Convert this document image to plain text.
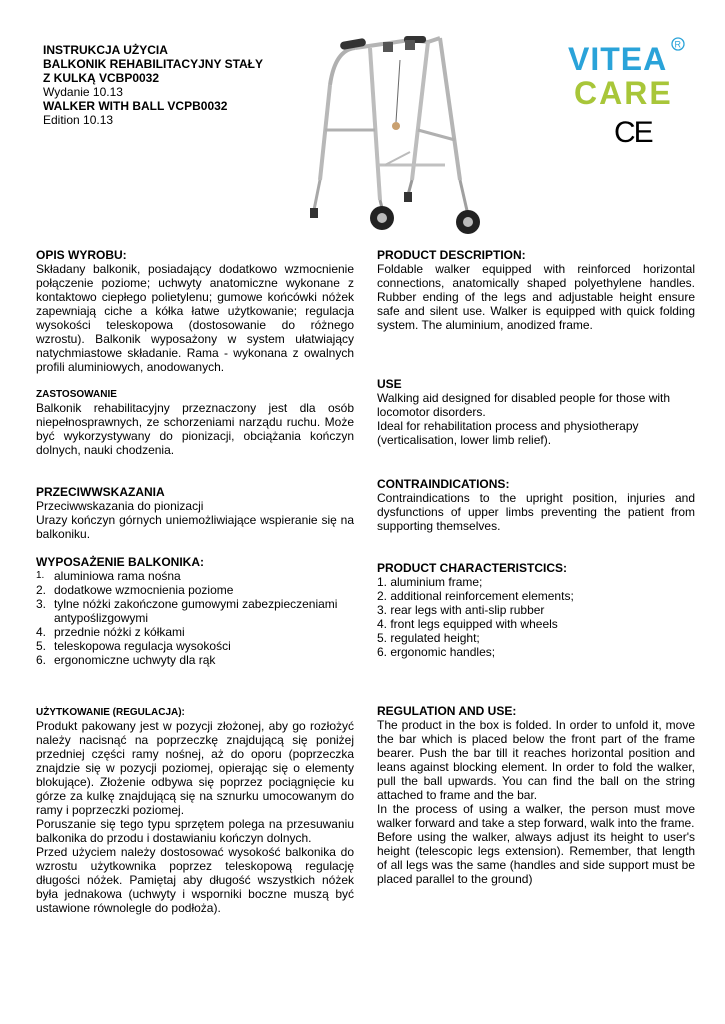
INSTRUKCJA UŻYCIA
BALKONIK REHABILITACYJNY STAŁY
Z KULKĄ VCBP0032
Wydanie 10.13
WALKER WITH BALL VCPB0032
Edition 10.13
VITEA
CARE
R
CE
OPIS WYROBU:

Składany balkonik, posiadający dodatkowo wzmocnienie połączenie poziome; uchwyty anatomiczne wykonane z kontaktowo ciepłego polietylenu; gumowe końcówki nóżek zapewniają ciche a kółka łatwe użytkowanie; regulacja wysokości teleskopowa (dostosowanie do różnego wzrostu). Balkonik wyposażony w system ułatwiający natychmiastowe składanie. Rama - wykonana z owalnych profili aluminiowych, anodowanych.

ZASTOSOWANIE

Balkonik rehabilitacyjny przeznaczony jest dla osób niepełnosprawnych, ze schorzeniami narządu ruchu. Może być wykorzystywany do pionizacji, obciążania kończyn dolnych, nauki chodzenia.

PRZECIWWSKAZANIA

Przeciwwskazania do pionizacji

Urazy kończyn górnych uniemożliwiające wspieranie się na balkoniku.

WYPOSAŻENIE BALKONIKA:
1. aluminiowa rama nośna
2. dodatkowe wzmocnienia poziome
3. tylne nóżki zakończone gumowymi zabezpieczeniami antypoślizgowymi
4. przednie nóżki z kółkami
5. teleskopowa regulacja wysokości
6. ergonomiczne uchwyty dla rąk
UŻYTKOWANIE (REGULACJA):

Produkt pakowany jest w pozycji złożonej, aby go rozłożyć należy nacisnąć na poprzeczkę znajdującą się poniżej przedniej części ramy nośnej, aż do oporu (poprzeczka znajdzie się w pozycji poziomej, opierając się o elementy blokujące). Złożenie odbywa się poprzez pociągnięcie ku górze za kulkę znajdującą się na sznurku umocowanym do ramy i poprzeczki poziomej.

Poruszanie się tego typu sprzętem polega na przesuwaniu balkonika do przodu i dostawianiu kończyn dolnych.

Przed użyciem należy dostosować wysokość balkonika do wzrostu użytkownika poprzez teleskopową regulację długości nóżek. Pamiętaj aby długość wszystkich nóżek była jednakowa (uchwyty i wsporniki boczne muszą być ustawione równolegle do podłoża).

PRODUCT DESCRIPTION:

Foldable walker equipped with reinforced horizontal connections, anatomically shaped polyethylene handles. Rubber ending of the legs and adjustable height ensure safe and silent use. Walker is equipped with quick folding system. The aluminium, anodized frame.

USE

Walking aid designed for disabled people for those with locomotor disorders.

Ideal for rehabilitation process and physiotherapy (verticalisation, lower limb relief).

CONTRAINDICATIONS:

Contraindications to the upright position, injuries and dysfunctions of upper limbs preventing the patient from supporting themselves.

PRODUCT CHARACTERISTCICS:

1. aluminium frame;

2. additional reinforcement elements;

3. rear legs with anti-slip rubber

4. front legs equipped with wheels

5. regulated height;

6. ergonomic handles;

REGULATION AND USE:

The product in the box is folded. In order to unfold it, move the bar which is placed below the front part of the frame bearer. Push the bar till it reaches horizontal position and leans against blocking element. In order to fold the walker, pull the ball upwards. You can find the ball on the string attached to frame and the bar.

In the process of using a walker, the person must move walker forward and take a step forward, walk into the frame.

Before using the walker, always adjust its height to user's height (telescopic legs extension). Remember, that length of all legs was the same (handles and side support must be placed parallel to the ground)
